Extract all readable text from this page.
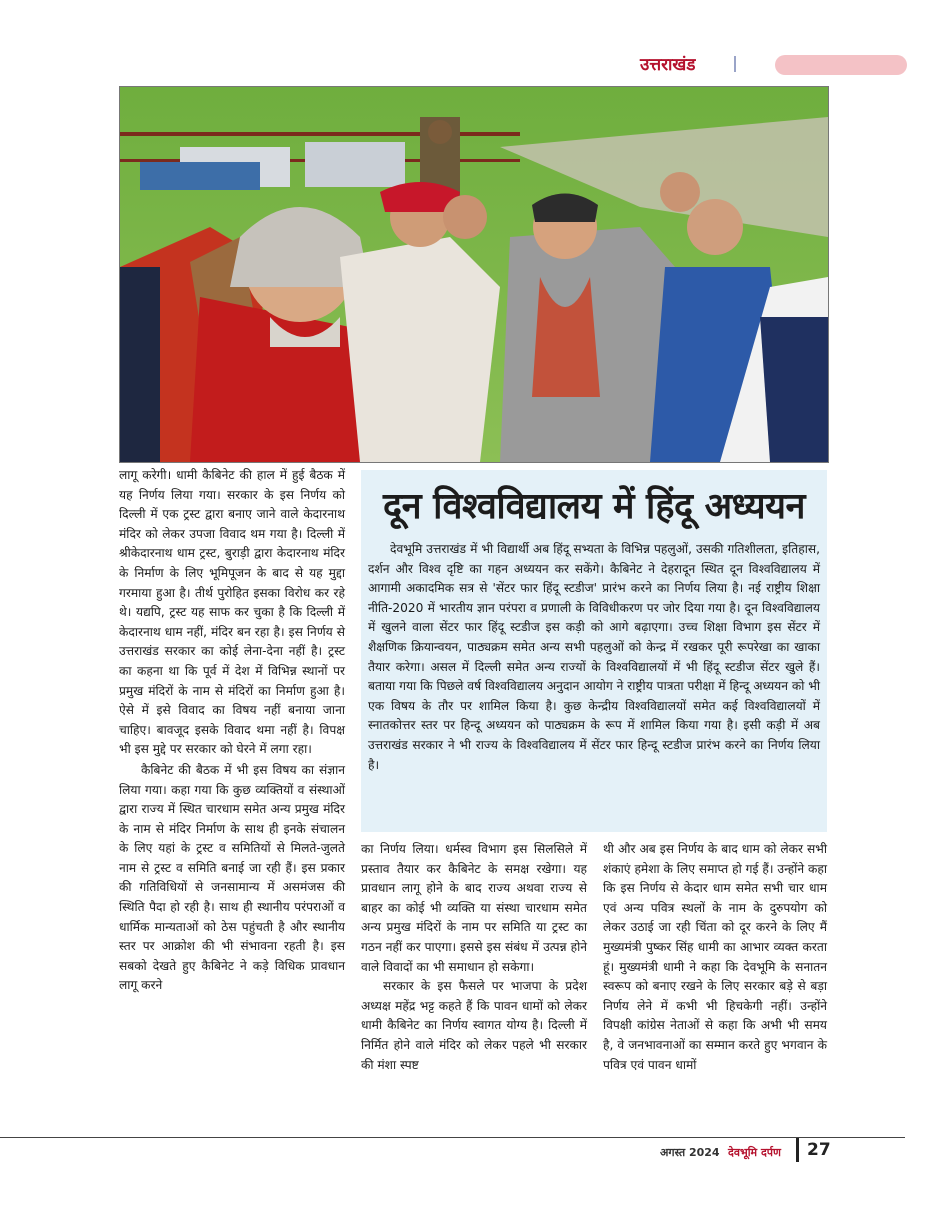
उत्तराखंड

लागू करेगी। धामी कैबिनेट की हाल में हुई बैठक में यह निर्णय लिया गया। सरकार के इस निर्णय को दिल्ली में एक ट्रस्ट द्वारा बनाए जाने वाले केदारनाथ मंदिर को लेकर उपजा विवाद थम गया है। दिल्ली में श्रीकेदारनाथ धाम ट्रस्ट, बुराड़ी द्वारा केदारनाथ मंदिर के निर्माण के लिए भूमिपूजन के बाद से यह मुद्दा गरमाया हुआ है। तीर्थ पुरोहित इसका विरोध कर रहे थे। यद्यपि, ट्रस्ट यह साफ कर चुका है कि दिल्ली में केदारनाथ धाम नहीं, मंदिर बन रहा है। इस निर्णय से उत्तराखंड सरकार का कोई लेना-देना नहीं है। ट्रस्ट का कहना था कि पूर्व में देश में विभिन्न स्थानों पर प्रमुख मंदिरों के नाम से मंदिरों का निर्माण हुआ है। ऐसे में इसे विवाद का विषय नहीं बनाया जाना चाहिए। बावजूद इसके विवाद थमा नहीं है। विपक्ष भी इस मुद्दे पर सरकार को घेरने में लगा रहा।

कैबिनेट की बैठक में भी इस विषय का संज्ञान लिया गया। कहा गया कि कुछ व्यक्तियों व संस्थाओं द्वारा राज्य में स्थित चारधाम समेत अन्य प्रमुख मंदिर के नाम से मंदिर निर्माण के साथ ही इनके संचालन के लिए यहां के ट्रस्ट व समितियों से मिलते-जुलते नाम से ट्रस्ट व समिति बनाई जा रही हैं। इस प्रकार की गतिविधियों से जनसामान्य में असमंजस की स्थिति पैदा हो रही है। साथ ही स्थानीय परंपराओं व धार्मिक मान्यताओं को ठेस पहुंचती है और स्थानीय स्तर पर आक्रोश की भी संभावना रहती है। इस सबको देखते हुए कैबिनेट ने कड़े विधिक प्रावधान लागू करने

दून विश्वविद्यालय में हिंदू अध्ययन
देवभूमि उत्तराखंड में भी विद्यार्थी अब हिंदू सभ्यता के विभिन्न पहलुओं, उसकी गतिशीलता, इतिहास, दर्शन और विश्व दृष्टि का गहन अध्ययन कर सकेंगे। कैबिनेट ने देहरादून स्थित दून विश्वविद्यालय में आगामी अकादमिक सत्र से 'सेंटर फार हिंदू स्टडीज' प्रारंभ करने का निर्णय लिया है। नई राष्ट्रीय शिक्षा नीति-2020 में भारतीय ज्ञान परंपरा व प्रणाली के विविधीकरण पर जोर दिया गया है। दून विश्वविद्यालय में खुलने वाला सेंटर फार हिंदू स्टडीज इस कड़ी को आगे बढ़ाएगा। उच्च शिक्षा विभाग इस सेंटर में शैक्षणिक क्रियान्वयन, पाठ्यक्रम समेत अन्य सभी पहलुओं को केन्द्र में रखकर पूरी रूपरेखा का खाका तैयार करेगा। असल में दिल्ली समेत अन्य राज्यों के विश्वविद्यालयों में भी हिंदू स्टडीज सेंटर खुले हैं। बताया गया कि पिछले वर्ष विश्वविद्यालय अनुदान आयोग ने राष्ट्रीय पात्रता परीक्षा में हिन्दू अध्ययन को भी एक विषय के तौर पर शामिल किया है। कुछ केन्द्रीय विश्वविद्यालयों समेत कई विश्वविद्यालयों में स्नातकोत्तर स्तर पर हिन्दू अध्ययन को पाठ्यक्रम के रूप में शामिल किया गया है। इसी कड़ी में अब उत्तराखंड सरकार ने भी राज्य के विश्वविद्यालय में सेंटर फार हिन्दू स्टडीज प्रारंभ करने का निर्णय लिया है।

का निर्णय लिया। धर्मस्व विभाग इस सिलसिले में प्रस्ताव तैयार कर कैबिनेट के समक्ष रखेगा। यह प्रावधान लागू होने के बाद राज्य अथवा राज्य से बाहर का कोई भी व्यक्ति या संस्था चारधाम समेत अन्य प्रमुख मंदिरों के नाम पर समिति या ट्रस्ट का गठन नहीं कर पाएगा। इससे इस संबंध में उत्पन्न होने वाले विवादों का भी समाधान हो सकेगा।

सरकार के इस फैसले पर भाजपा के प्रदेश अध्यक्ष महेंद्र भट्ट कहते हैं कि पावन धामों को लेकर धामी कैबिनेट का निर्णय स्वागत योग्य है। दिल्ली में निर्मित होने वाले मंदिर को लेकर पहले भी सरकार की मंशा स्पष्ट

थी और अब इस निर्णय के बाद धाम को लेकर सभी शंकाएं हमेशा के लिए समाप्त हो गई हैं। उन्होंने कहा कि इस निर्णय से केदार धाम समेत सभी चार धाम एवं अन्य पवित्र स्थलों के नाम के दुरुपयोग को लेकर उठाई जा रही चिंता को दूर करने के लिए मैं मुख्यमंत्री पुष्कर सिंह धामी का आभार व्यक्त करता हूं। मुख्यमंत्री धामी ने कहा कि देवभूमि के सनातन स्वरूप को बनाए रखने के लिए सरकार बड़े से बड़ा निर्णय लेने में कभी भी हिचकेगी नहीं। उन्होंने विपक्षी कांग्रेस नेताओं से कहा कि अभी भी समय है, वे जनभावनाओं का सम्मान करते हुए भगवान के पवित्र एवं पावन धामों

अगस्त 2024 देवभूमि दर्पण 27
